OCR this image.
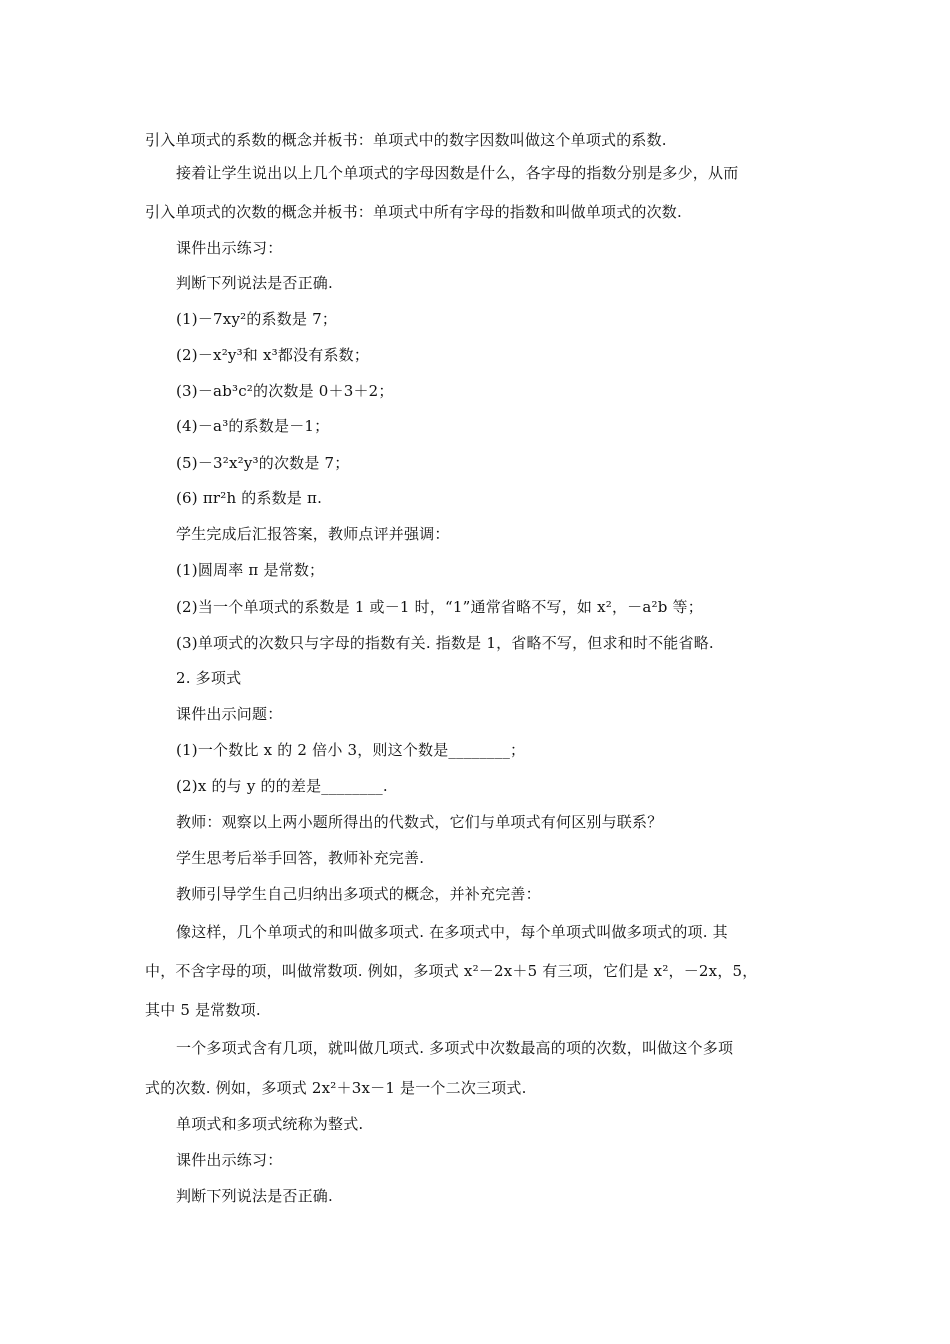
引入单项式的系数的概念并板书：单项式中的数字因数叫做这个单项式的系数.
接着让学生说出以上几个单项式的字母因数是什么，各字母的指数分别是多少，从而
引入单项式的次数的概念并板书：单项式中所有字母的指数和叫做单项式的次数.
课件出示练习：
判断下列说法是否正确.
(1)－7xy²的系数是 7；
(2)－x²y³和 x³都没有系数；
(3)－ab³c²的次数是 0＋3＋2；
(4)－a³的系数是－1；
(5)－3²x²y³的次数是 7；
(6) πr²h 的系数是 π.
学生完成后汇报答案，教师点评并强调：
(1)圆周率 π 是常数；
(2)当一个单项式的系数是 1 或－1 时，“1”通常省略不写，如 x²，－a²b 等；
(3)单项式的次数只与字母的指数有关. 指数是 1，省略不写，但求和时不能省略.
2. 多项式
课件出示问题：
(1)一个数比 x 的 2 倍小 3，则这个数是________；
(2)x 的与 y 的的差是________.
教师：观察以上两小题所得出的代数式，它们与单项式有何区别与联系？
学生思考后举手回答，教师补充完善.
教师引导学生自己归纳出多项式的概念，并补充完善：
像这样，几个单项式的和叫做多项式. 在多项式中，每个单项式叫做多项式的项. 其
中，不含字母的项，叫做常数项. 例如，多项式 x²－2x＋5 有三项，它们是 x²，－2x，5，
其中 5 是常数项.
一个多项式含有几项，就叫做几项式. 多项式中次数最高的项的次数，叫做这个多项
式的次数. 例如，多项式 2x²＋3x－1 是一个二次三项式.
单项式和多项式统称为整式.
课件出示练习：
判断下列说法是否正确.
